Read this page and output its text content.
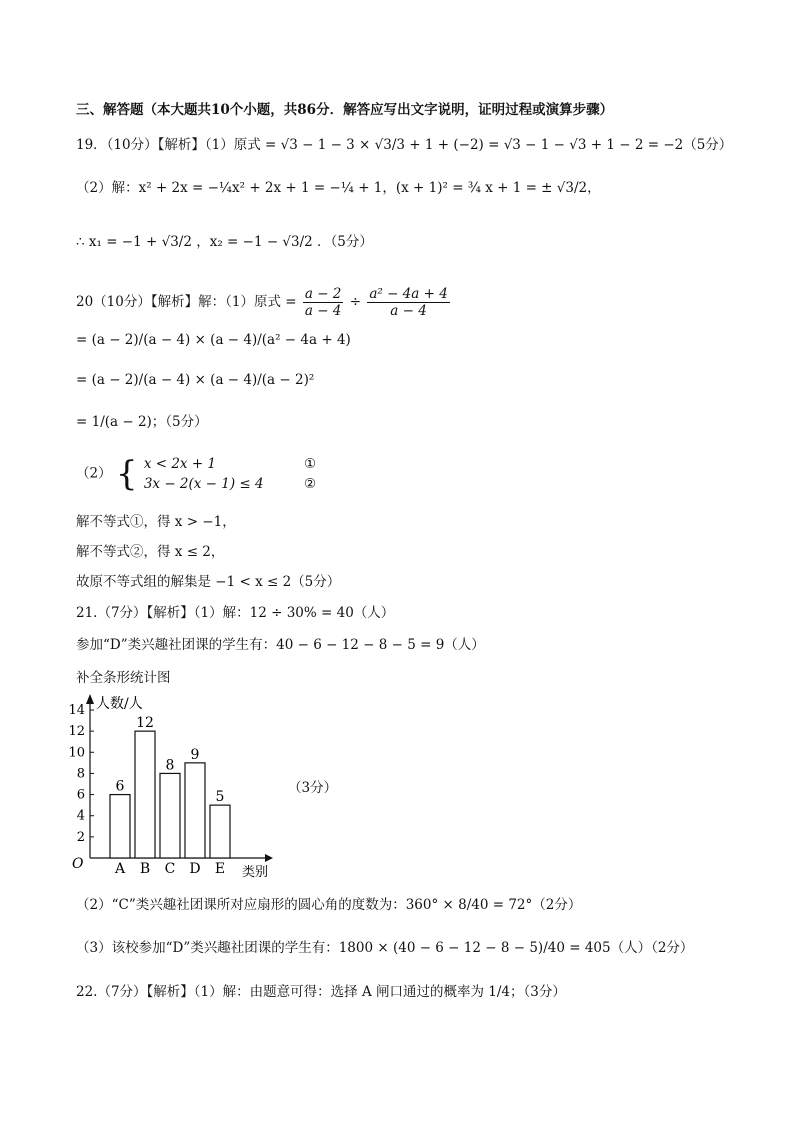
三、解答题（本大题共10个小题，共86分．解答应写出文字说明，证明过程或演算步骤）
19．（10分）【解析】（1）原式 = √3 − 1 − 3 × √3/3 + 1 + (−2) = √3 − 1 − √3 + 1 − 2 = −2（5分）
（2）解：x² + 2x = −¼x² + 2x + 1 = −¼ + 1，(x + 1)² = ¾ x + 1 = ± √3/2，
∴ x₁ = −1 + √3/2 ，x₂ = −1 − √3/2 ．（5分）
20（10分）【解析】解：（1）原式 = $\frac{a - 2}{a - 4} \div \frac{\text{a² − 4a + 4}}{a - 4}$
= (a − 2)/(a − 4) × (a − 4)/(a² − 4a + 4)
= (a − 2)/(a − 4) × (a − 4)/(a − 2)²
= 1/(a − 2)；（5分）
（2） { x < 2x + 1
3x − 2(x − 1) ≤ 4

①
②
解不等式①，得 x > −1，
解不等式②，得 x ≤ 2，
故原不等式组的解集是 −1 < x ≤ 2（5分）
21.（7分）【解析】（1）解：12 ÷ 30% = 40（人）
参加“D”类兴趣社团课的学生有：40 − 6 − 12 − 8 − 5 = 9（人）
补全条形统计图
2
4
6
8
10
12
14
O
人数/人
类别
6
A
12
B
8
C
9
D
5
E
（3分）
（2）“C”类兴趣社团课所对应扇形的圆心角的度数为：360° × 8/40 = 72°（2分）
（3）该校参加“D”类兴趣社团课的学生有：1800 × (40 − 6 − 12 − 8 − 5)/40 = 405（人）（2分）
22.（7分）【解析】（1）解：由题意可得：选择 A 闸口通过的概率为 1/4；（3分）
